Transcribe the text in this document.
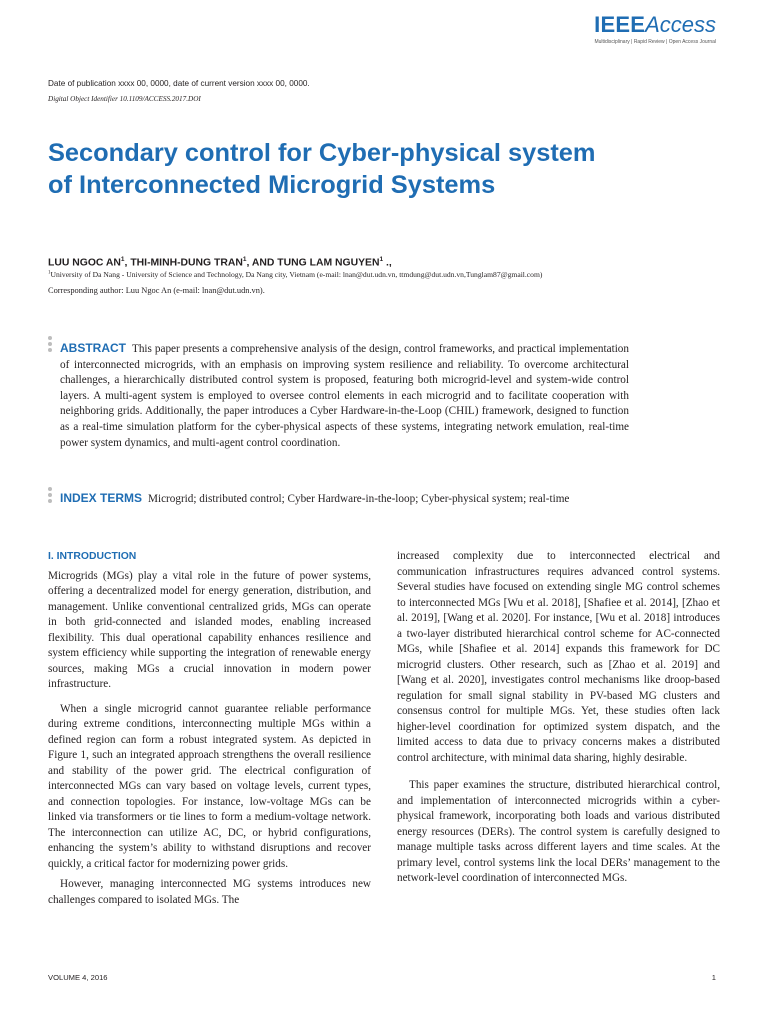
IEEEAccess
Multidisciplinary | Rapid Review | Open Access Journal
Date of publication xxxx 00, 0000, date of current version xxxx 00, 0000.
Digital Object Identifier 10.1109/ACCESS.2017.DOI
Secondary control for Cyber-physical system of Interconnected Microgrid Systems
LUU NGOC $AN^1$, THI-MINH-DUNG TRAN$^1$, AND TUNG LAM NGUYEN$^1$ .,
$^1$University of Da Nang - University of Science and Technology, Da Nang city, Vietnam (e-mail: lnan@dut.udn.vn, ttmdung@dut.udn.vn,Tunglam87@gmail.com)
Corresponding author: Luu Ngoc An (e-mail: lnan@dut.udn.vn).
ABSTRACT This paper presents a comprehensive analysis of the design, control frameworks, and practical implementation of interconnected microgrids, with an emphasis on improving system resilience and reliability. To overcome architectural challenges, a hierarchically distributed control system is proposed, featuring both microgrid-level and system-wide control layers. A multi-agent system is employed to oversee control elements in each microgrid and to facilitate cooperation with neighboring grids. Additionally, the paper introduces a Cyber Hardware-in-the-Loop (CHIL) framework, designed to function as a real-time simulation platform for the cyber-physical aspects of these systems, integrating network emulation, real-time power system dynamics, and multi-agent control coordination.
INDEX TERMS Microgrid; distributed control; Cyber Hardware-in-the-loop; Cyber-physical system; real-time
I. INTRODUCTION

Microgrids (MGs) play a vital role in the future of power systems, offering a decentralized model for energy generation, distribution, and management. Unlike conventional centralized grids, MGs can operate in both grid-connected and islanded modes, enabling increased flexibility. This dual operational capability enhances resilience and system efficiency while supporting the integration of renewable energy sources, making MGs a crucial innovation in modern power infrastructure.

When a single microgrid cannot guarantee reliable performance during extreme conditions, interconnecting multiple MGs within a defined region can form a robust integrated system. As depicted in Figure 1, such an integrated approach strengthens the overall resilience and stability of the power grid. The electrical configuration of interconnected MGs can vary based on voltage levels, current types, and connection topologies. For instance, low-voltage MGs can be linked via transformers or tie lines to form a medium-voltage network. The interconnection can utilize AC, DC, or hybrid configurations, enhancing the system’s ability to withstand disruptions and recover quickly, a critical factor for modernizing power grids.

However, managing interconnected MG systems introduces new challenges compared to isolated MGs. The

increased complexity due to interconnected electrical and communication infrastructures requires advanced control systems. Several studies have focused on extending single MG control schemes to interconnected MGs [Wu et al. 2018], [Shafiee et al. 2014], [Zhao et al. 2019], [Wang et al. 2020]. For instance, [Wu et al. 2018] introduces a two-layer distributed hierarchical control scheme for AC-connected MGs, while [Shafiee et al. 2014] expands this framework for DC microgrid clusters. Other research, such as [Zhao et al. 2019] and [Wang et al. 2020], investigates control mechanisms like droop-based regulation for small signal stability in PV-based MG clusters and consensus control for multiple MGs. Yet, these studies often lack higher-level coordination for optimized system dispatch, and the limited access to data due to privacy concerns makes a distributed control architecture, with minimal data sharing, highly desirable.

This paper examines the structure, distributed hierarchical control, and implementation of interconnected microgrids within a cyber-physical framework, incorporating both loads and various distributed energy resources (DERs). The control system is carefully designed to manage multiple tasks across different layers and time scales. At the primary level, control systems link the local DERs’ management to the network-level coordination of interconnected MGs.

VOLUME 4, 2016	1
